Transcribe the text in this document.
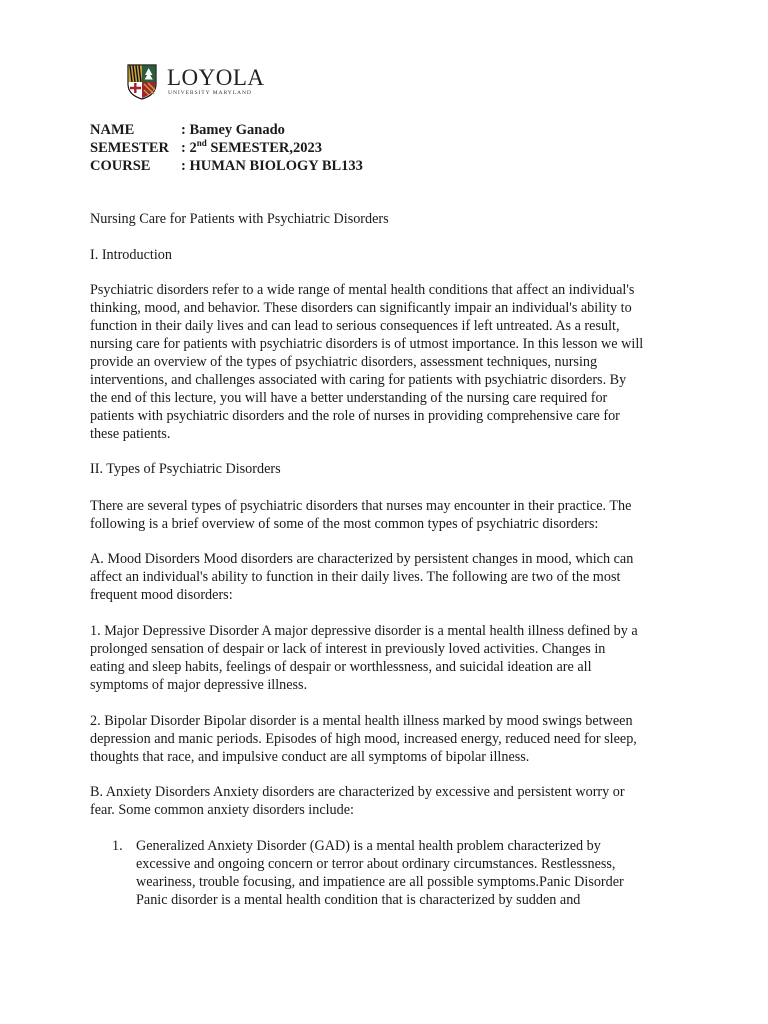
LOYOLA
UNIVERSITY MARYLAND
NAME	: Bamey Ganado
SEMESTER : 2nd SEMESTER,2023
COURSE	: HUMAN BIOLOGY BL133
Nursing Care for Patients with Psychiatric Disorders
I. Introduction
Psychiatric disorders refer to a wide range of mental health conditions that affect an individual's
thinking, mood, and behavior. These disorders can significantly impair an individual's ability to
function in their daily lives and can lead to serious consequences if left untreated. As a result,
nursing care for patients with psychiatric disorders is of utmost importance. In this lesson we will
provide an overview of the types of psychiatric disorders, assessment techniques, nursing
interventions, and challenges associated with caring for patients with psychiatric disorders. By
the end of this lecture, you will have a better understanding of the nursing care required for
patients with psychiatric disorders and the role of nurses in providing comprehensive care for
these patients.
II. Types of Psychiatric Disorders
There are several types of psychiatric disorders that nurses may encounter in their practice. The
following is a brief overview of some of the most common types of psychiatric disorders:
A. Mood Disorders Mood disorders are characterized by persistent changes in mood, which can
affect an individual's ability to function in their daily lives. The following are two of the most
frequent mood disorders:
1. Major Depressive Disorder A major depressive disorder is a mental health illness defined by a
prolonged sensation of despair or lack of interest in previously loved activities. Changes in
eating and sleep habits, feelings of despair or worthlessness, and suicidal ideation are all
symptoms of major depressive illness.
2. Bipolar Disorder Bipolar disorder is a mental health illness marked by mood swings between
depression and manic periods. Episodes of high mood, increased energy, reduced need for sleep,
thoughts that race, and impulsive conduct are all symptoms of bipolar illness.
B. Anxiety Disorders Anxiety disorders are characterized by excessive and persistent worry or
fear. Some common anxiety disorders include:
1. Generalized Anxiety Disorder (GAD) is a mental health problem characterized by
excessive and ongoing concern or terror about ordinary circumstances. Restlessness,
weariness, trouble focusing, and impatience are all possible symptoms.Panic Disorder
Panic disorder is a mental health condition that is characterized by sudden and
